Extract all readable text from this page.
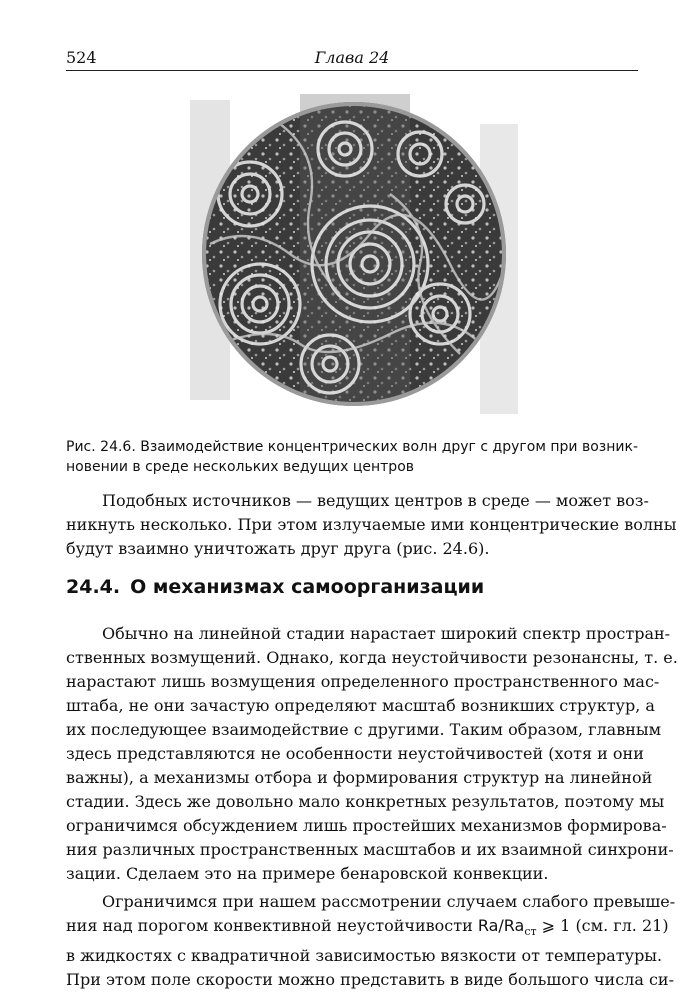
524	Глава 24
Рис. 24.6. Взаимодействие концентрических волн друг с другом при возник-
новении в среде нескольких ведущих центров
Подобных источников — ведущих центров в среде — может воз-
никнуть несколько. При этом излучаемые ими концентрические волны
будут взаимно уничтожать друг друга (рис. 24.6).
24.4. О механизмах самоорганизации
Обычно на линейной стадии нарастает широкий спектр простран-
ственных возмущений. Однако, когда неустойчивости резонансны, т. е.
нарастают лишь возмущения определенного пространственного мас-
штаба, не они зачастую определяют масштаб возникших структур, а
их последующее взаимодействие с другими. Таким образом, главным
здесь представляются не особенности неустойчивостей (хотя и они
важны), а механизмы отбора и формирования структур на линейной
стадии. Здесь же довольно мало конкретных результатов, поэтому мы
ограничимся обсуждением лишь простейших механизмов формирова-
ния различных пространственных масштабов и их взаимной синхрони-
зации. Сделаем это на примере бенаровской конвекции.
Ограничимся при нашем рассмотрении случаем слабого превыше-
ния над порогом конвективной неустойчивости $Ra/Ra_{ст}$ ⩾ 1 (см. гл. 21)
в жидкостях с квадратичной зависимостью вязкости от температуры.
При этом поле скорости можно представить в виде большого числа си-
